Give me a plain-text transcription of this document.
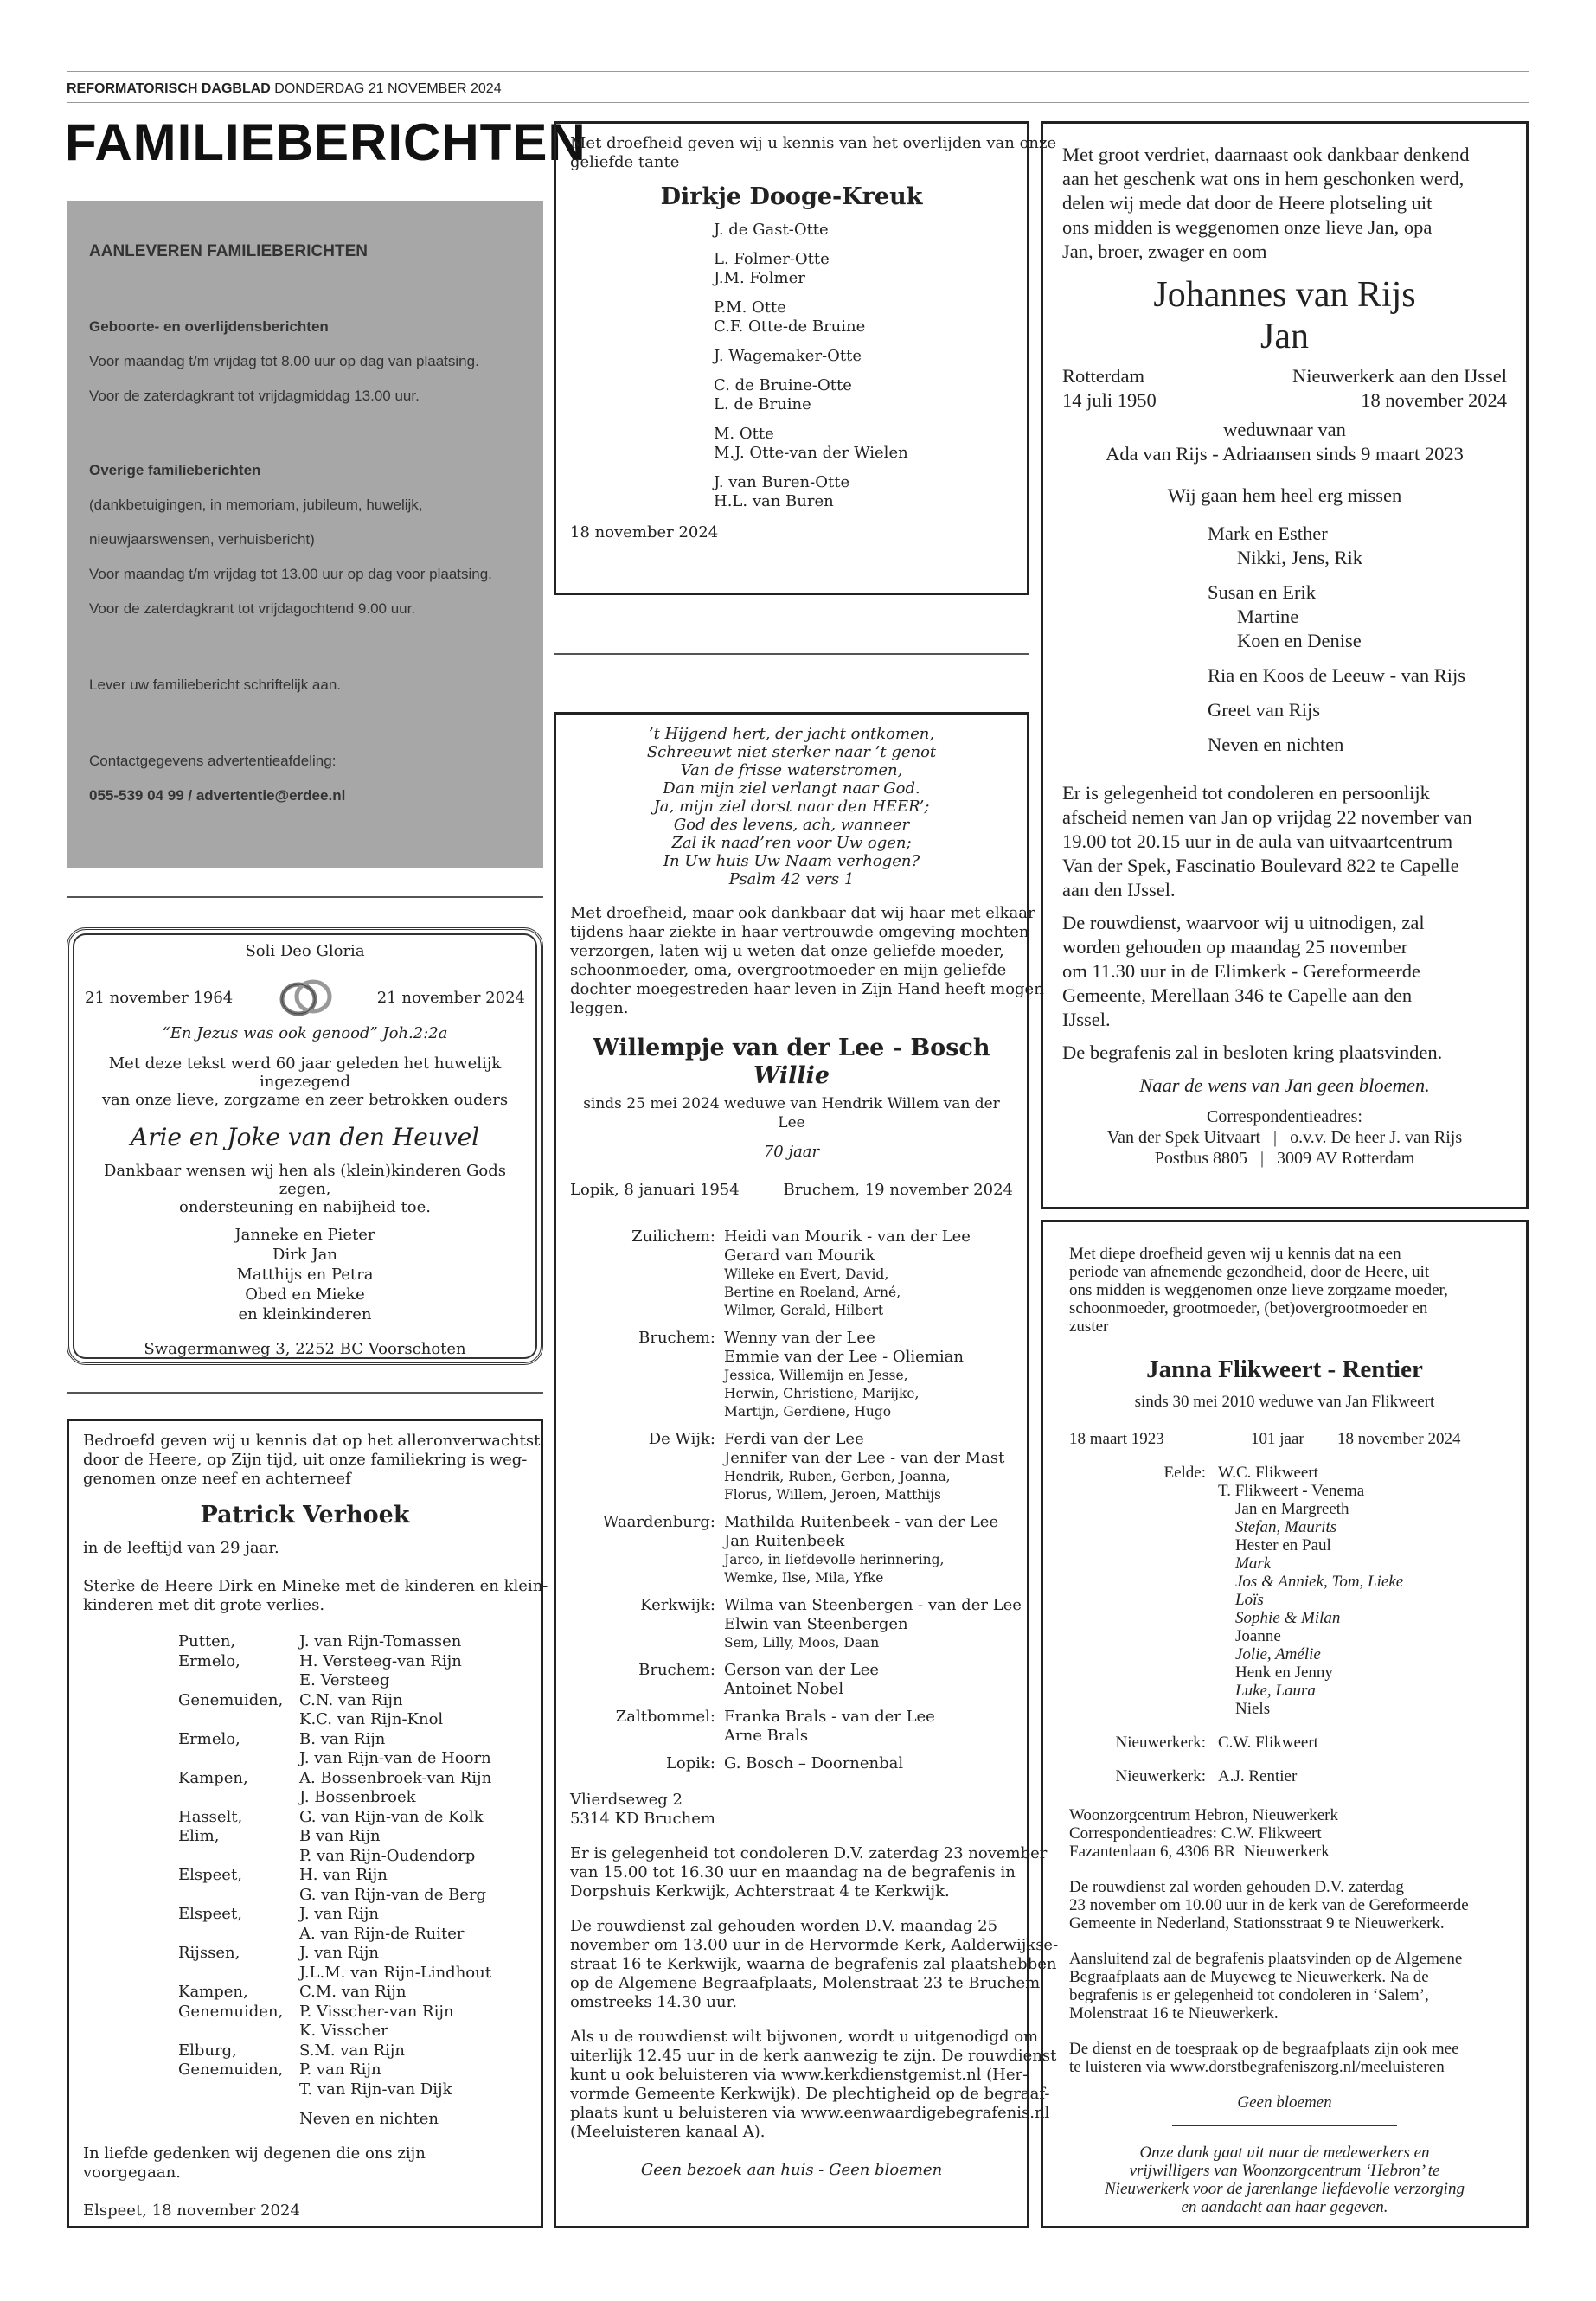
REFORMATORISCH DAGBLAD DONDERDAG 21 NOVEMBER 2024
FAMILIEBERICHTEN
AANLEVEREN FAMILIEBERICHTEN
Geboorte- en overlijdensberichten
Voor maandag t/m vrijdag tot 8.00 uur op dag van plaatsing.
Voor de zaterdagkrant tot vrijdagmiddag 13.00 uur.
Overige familieberichten
(dankbetuigingen, in memoriam, jubileum, huwelijk,
nieuwjaarswensen, verhuisbericht)
Voor maandag t/m vrijdag tot 13.00 uur op dag voor plaatsing.
Voor de zaterdagkrant tot vrijdagochtend 9.00 uur.
Lever uw familiebericht schriftelijk aan.
Contactgegevens advertentieafdeling:
055-539 04 99 / advertentie@erdee.nl
Soli Deo Gloria
21 november 1964	21 november 2024
“En Jezus was ook genood” Joh.2:2a
Met deze tekst werd 60 jaar geleden het huwelijk ingezegend
van onze lieve, zorgzame en zeer betrokken ouders
Arie en Joke van den Heuvel
Dankbaar wensen wij hen als (klein)kinderen Gods zegen,
ondersteuning en nabijheid toe.
Janneke en Pieter
Dirk Jan
Matthijs en Petra
Obed en Mieke
en kleinkinderen
Swagermanweg 3, 2252 BC Voorschoten
Bedroefd geven wij u kennis dat op het alleronverwachtst
door de Heere, op Zijn tijd, uit onze familiekring is weg-
genomen onze neef en achterneef
Patrick Verhoek
in de leeftijd van 29 jaar.
Sterke de Heere Dirk en Mineke met de kinderen en klein-
kinderen met dit grote verlies.
Putten,	J. van Rijn-Tomassen
Ermelo,	H. Versteeg-van Rijn
E. Versteeg
Genemuiden,	C.N. van Rijn
K.C. van Rijn-Knol
Ermelo,	B. van Rijn
J. van Rijn-van de Hoorn
Kampen,	A. Bossenbroek-van Rijn
J. Bossenbroek
Hasselt,	G. van Rijn-van de Kolk
Elim,	B van Rijn
P. van Rijn-Oudendorp
Elspeet,	H. van Rijn
G. van Rijn-van de Berg
Elspeet,	J. van Rijn
A. van Rijn-de Ruiter
Rijssen,	J. van Rijn
J.L.M. van Rijn-Lindhout
Kampen,	C.M. van Rijn
Genemuiden,	P. Visscher-van Rijn
K. Visscher
Elburg,	S.M. van Rijn
Genemuiden,	P. van Rijn
T. van Rijn-van Dijk
Neven en nichten
In liefde gedenken wij degenen die ons zijn voorgegaan.
Elspeet, 18 november 2024
Met droefheid geven wij u kennis van het overlijden van onze
geliefde tante
Dirkje Dooge-Kreuk
J. de Gast-Otte
L. Folmer-Otte
J.M. Folmer
P.M. Otte
C.F. Otte-de Bruine
J. Wagemaker-Otte
C. de Bruine-Otte
L. de Bruine
M. Otte
M.J. Otte-van der Wielen
J. van Buren-Otte
H.L. van Buren
18 november 2024
’t Hijgend hert, der jacht ontkomen,
Schreeuwt niet sterker naar ’t genot
Van de frisse waterstromen,
Dan mijn ziel verlangt naar God.
Ja, mijn ziel dorst naar den HEER’;
God des levens, ach, wanneer
Zal ik naad’ren voor Uw ogen;
In Uw huis Uw Naam verhogen?
Psalm 42 vers 1
Met droefheid, maar ook dankbaar dat wij haar met elkaar
tijdens haar ziekte in haar vertrouwde omgeving mochten
verzorgen, laten wij u weten dat onze geliefde moeder,
schoonmoeder, oma, overgrootmoeder en mijn geliefde
dochter moegestreden haar leven in Zijn Hand heeft mogen
leggen.
Willempje van der Lee - Bosch
Willie
sinds 25 mei 2024 weduwe van Hendrik Willem van der Lee
70 jaar
Lopik, 8 januari 1954	Bruchem, 19 november 2024
Zuilichem: Heidi van Mourik - van der Lee
Gerard van Mourik
Willeke en Evert, David,
Bertine en Roeland, Arné,
Wilmer, Gerald, Hilbert
Bruchem: Wenny van der Lee
Emmie van der Lee - Oliemian
Jessica, Willemijn en Jesse,
Herwin, Christiene, Marijke,
Martijn, Gerdiene, Hugo
De Wijk: Ferdi van der Lee
Jennifer van der Lee - van der Mast
Hendrik, Ruben, Gerben, Joanna,
Florus, Willem, Jeroen, Matthijs
Waardenburg: Mathilda Ruitenbeek - van der Lee
Jan Ruitenbeek
Jarco, in liefdevolle herinnering,
Wemke, Ilse, Mila, Yfke
Kerkwijk: Wilma van Steenbergen - van der Lee
Elwin van Steenbergen
Sem, Lilly, Moos, Daan
Bruchem: Gerson van der Lee
Antoinet Nobel
Zaltbommel: Franka Brals - van der Lee
Arne Brals
Lopik: G. Bosch – Doornenbal
Vlierdseweg 2
5314 KD Bruchem
Er is gelegenheid tot condoleren D.V. zaterdag 23 november
van 15.00 tot 16.30 uur en maandag na de begrafenis in
Dorpshuis Kerkwijk, Achterstraat 4 te Kerkwijk.
De rouwdienst zal gehouden worden D.V. maandag 25
november om 13.00 uur in de Hervormde Kerk, Aalderwijkse-
straat 16 te Kerkwijk, waarna de begrafenis zal plaatshebben
op de Algemene Begraafplaats, Molenstraat 23 te Bruchem
omstreeks 14.30 uur.
Als u de rouwdienst wilt bijwonen, wordt u uitgenodigd om
uiterlijk 12.45 uur in de kerk aanwezig te zijn. De rouwdienst
kunt u ook beluisteren via www.kerkdienstgemist.nl (Her-
vormde Gemeente Kerkwijk). De plechtigheid op de begraaf-
plaats kunt u beluisteren via www.eenwaardigebegrafenis.nl
(Meeluisteren kanaal A).
Geen bezoek aan huis - Geen bloemen
Met groot verdriet, daarnaast ook dankbaar denkend
aan het geschenk wat ons in hem geschonken werd,
delen wij mede dat door de Heere plotseling uit
ons midden is weggenomen onze lieve Jan, opa
Jan, broer, zwager en oom
Johannes van Rijs
Jan
Rotterdam	Nieuwerkerk aan den IJssel
14 juli 1950	18 november 2024
weduwnaar van
Ada van Rijs - Adriaansen sinds 9 maart 2023
Wij gaan hem heel erg missen
Mark en Esther
Nikki, Jens, Rik
Susan en Erik
Martine
Koen en Denise
Ria en Koos de Leeuw - van Rijs
Greet van Rijs
Neven en nichten
Er is gelegenheid tot condoleren en persoonlijk
afscheid nemen van Jan op vrijdag 22 november van
19.00 tot 20.15 uur in de aula van uitvaartcentrum
Van der Spek, Fascinatio Boulevard 822 te Capelle
aan den IJssel.
De rouwdienst, waarvoor wij u uitnodigen, zal
worden gehouden op maandag 25 november
om 11.30 uur in de Elimkerk - Gereformeerde
Gemeente, Merellaan 346 te Capelle aan den
IJssel.
De begrafenis zal in besloten kring plaatsvinden.
Naar de wens van Jan geen bloemen.
Correspondentieadres:
Van der Spek Uitvaart   |   o.v.v. De heer J. van Rijs
Postbus 8805   |   3009 AV Rotterdam
Met diepe droefheid geven wij u kennis dat na een
periode van afnemende gezondheid, door de Heere, uit
ons midden is weggenomen onze lieve zorgzame moeder,
schoonmoeder, grootmoeder, (bet)overgrootmoeder en
zuster
Janna Flikweert - Rentier
sinds 30 mei 2010 weduwe van Jan Flikweert
18 maart 1923	101 jaar	18 november 2024
Eelde: W.C. Flikweert
T. Flikweert - Venema
Jan en Margreeth
Stefan, Maurits
Hester en Paul
Mark
Jos & Anniek, Tom, Lieke
Loïs
Sophie & Milan
Joanne
Jolie, Amélie
Henk en Jenny
Luke, Laura
Niels
Nieuwerkerk: C.W. Flikweert
Nieuwerkerk: A.J. Rentier
Woonzorgcentrum Hebron, Nieuwerkerk
Correspondentieadres: C.W. Flikweert
Fazantenlaan 6, 4306 BR  Nieuwerkerk
De rouwdienst zal worden gehouden D.V. zaterdag
23 november om 10.00 uur in de kerk van de Gereformeerde
Gemeente in Nederland, Stationsstraat 9 te Nieuwerkerk.
Aansluitend zal de begrafenis plaatsvinden op de Algemene
Begraafplaats aan de Muyeweg te Nieuwerkerk. Na de
begrafenis is er gelegenheid tot condoleren in ‘Salem’,
Molenstraat 16 te Nieuwerkerk.
De dienst en de toespraak op de begraafplaats zijn ook mee
te luisteren via www.dorstbegrafeniszorg.nl/meeluisteren
Geen bloemen
Onze dank gaat uit naar de medewerkers en
vrijwilligers van Woonzorgcentrum ‘Hebron’ te
Nieuwerkerk voor de jarenlange liefdevolle verzorging
en aandacht aan haar gegeven.
